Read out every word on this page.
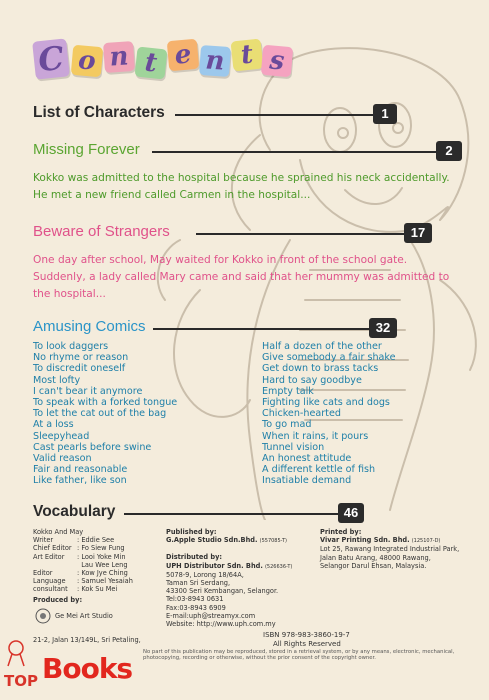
C o n t e n t s
List of Characters	1
Missing Forever	2
Kokko was admitted to the hospital because he sprained his neck accidentally.
He met a new friend called Carmen in the hospital...
Beware of Strangers	17
One day after school, May waited for Kokko in front of the school gate.
Suddenly, a lady called Mary came and said that her mummy was admitted to
the hospital...
Amusing Comics	32
To look daggers
No rhyme or reason
To discredit oneself
Most lofty
I can't bear it anymore
To speak with a forked tongue
To let the cat out of the bag
At a loss
Sleepyhead
Cast pearls before swine
Valid reason
Fair and reasonable
Like father, like son
Half a dozen of the other
Give somebody a fair shake
Get down to brass tacks
Hard to say goodbye
Empty talk
Fighting like cats and dogs
Chicken-hearted
To go mad
When it rains, it pours
Tunnel vision
An honest attitude
A different kettle of fish
Insatiable demand
Vocabulary	46
Kokko And May
Writer	: Eddie See
Chief Editor : Fo Siew Fung
Art Editor : Looi Yoke Min
Lau Wee Leng
Editor	: Kow Jye Ching
Language : Samuel Yesaiah
consultant : Kok Su Mei
Produced by:
Ge Mei Art Studio
21-2, Jalan 13/149L, Sri Petaling,
Published by:
G.Apple Studio Sdn.Bhd. (557085-T)
Distributed by:
UPH Distributor Sdn. Bhd. (526636-T)
5078-9, Lorong 18/64A,
Taman Sri Serdang,
43300 Seri Kembangan, Selangor.
Tel:03-8943 0631
Fax:03-8943 6909
E-mail:uph@streamyx.com
Website: http://www.uph.com.my
Printed by:
Vivar Printing Sdn. Bhd. (125107-D)
Lot 25, Rawang Integrated Industrial Park,
Jalan Batu Arang, 48000 Rawang,
Selangor Darul Ehsan, Malaysia.
ISBN 978-983-3860-19-7
All Rights Reserved
No part of this publication may be reproduced, stored in a retrieval system, or by any means, electronic, mechanical, photocopying, recording or otherwise, without the prior consent of the copyright owner.
TOP Books
